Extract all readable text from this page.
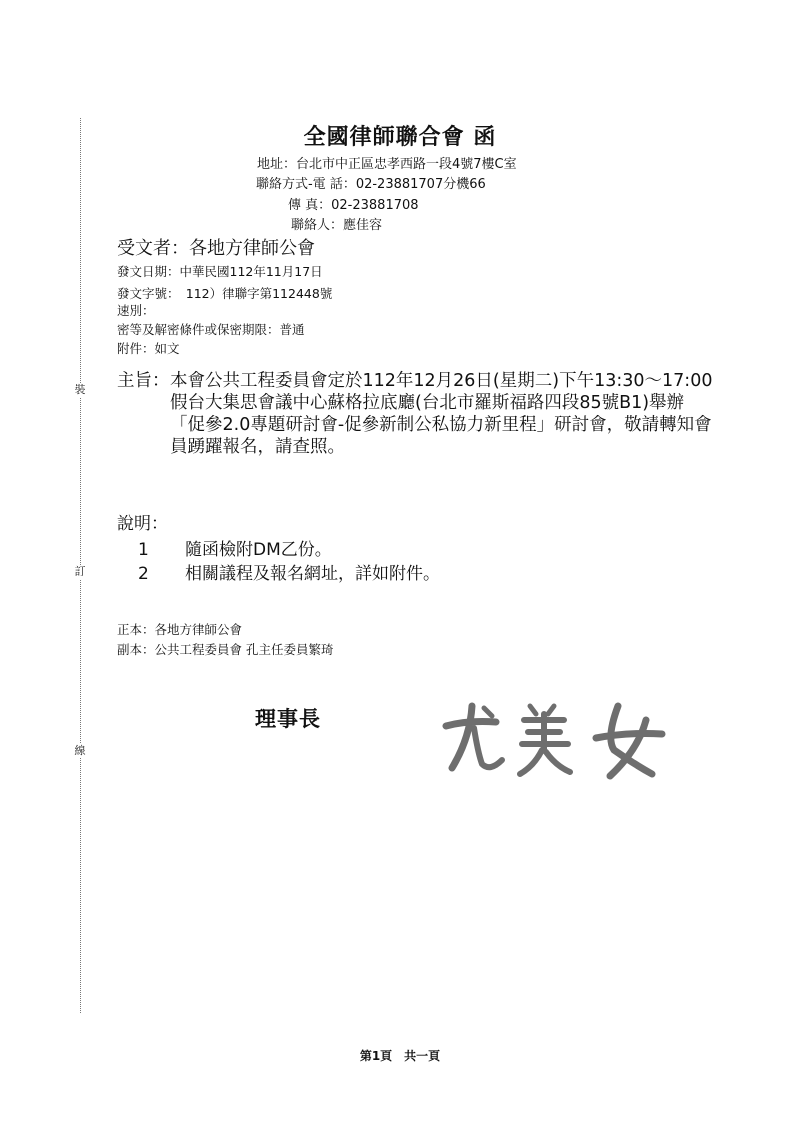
裝
訂
線
全國律師聯合會 函
地址：台北市中正區忠孝西路一段4號7樓C室
聯絡方式-電 話：02-23881707分機66
傳 真：02-23881708
聯絡人：應佳容
受文者：各地方律師公會
發文日期：中華民國112年11月17日
發文字號：　112）律聯字第112448號
速別：
密等及解密條件或保密期限：普通
附件：如文
主旨： 本會公共工程委員會定於112年12月26日(星期二)下午13:30～17:00假台大集思會議中心蘇格拉底廳(台北市羅斯福路四段85號B1)舉辦「促參2.0專題研討會-促參新制公私協力新里程」研討會，敬請轉知會員踴躍報名，請查照。
說明：
1 隨函檢附DM乙份。
2 相關議程及報名網址，詳如附件。
正本：各地方律師公會
副本：公共工程委員會 孔主任委員繁琦
理事長
第1頁　共一頁
